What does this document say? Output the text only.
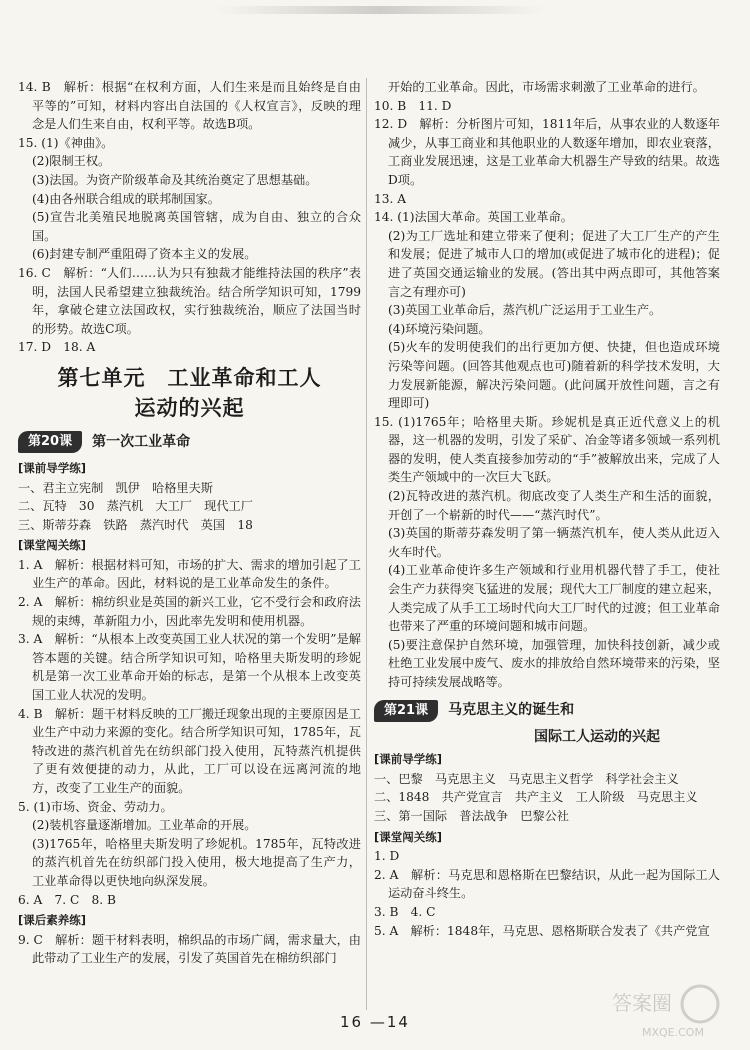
14. B　解析：根据“在权利方面，人们生来是而且始终是自由平等的”可知，材料内容出自法国的《人权宣言》，反映的理念是人们生来自由，权利平等。故选B项。

15. (1)《神曲》。

(2)限制王权。

(3)法国。为资产阶级革命及其统治奠定了思想基础。

(4)由各州联合组成的联邦制国家。

(5)宣告北美殖民地脱离英国管辖，成为自由、独立的合众国。

(6)封建专制严重阻碍了资本主义的发展。

16. C　解析：“人们……认为只有独裁才能维持法国的秩序”表明，法国人民希望建立独裁统治。结合所学知识可知，1799年，拿破仑建立法国政权，实行独裁统治，顺应了法国当时的形势。故选C项。

17. D　18. A

第七单元　工业革命和工人
运动的兴起
第20课	第一次工业革命
[课前导学练]

一、君主立宪制　凯伊　哈格里夫斯

二、瓦特　30　蒸汽机　大工厂　现代工厂

三、斯蒂芬森　铁路　蒸汽时代　英国　18

[课堂闯关练]

1. A　解析：根据材料可知，市场的扩大、需求的增加引起了工业生产的革命。因此，材料说的是工业革命发生的条件。

2. A　解析：棉纺织业是英国的新兴工业，它不受行会和政府法规的束缚，革新阻力小，因此率先发明和使用机器。

3. A　解析：“从根本上改变英国工业人状况的第一个发明”是解答本题的关键。结合所学知识可知，哈格里夫斯发明的珍妮机是第一次工业革命开始的标志，是第一个从根本上改变英国工业人状况的发明。

4. B　解析：题干材料反映的工厂搬迁现象出现的主要原因是工业生产中动力来源的变化。结合所学知识可知，1785年，瓦特改进的蒸汽机首先在纺织部门投入使用，瓦特蒸汽机提供了更有效便捷的动力，从此，工厂可以设在远离河流的地方，改变了工业生产的面貌。

5. (1)市场、资金、劳动力。

(2)装机容量逐渐增加。工业革命的开展。

(3)1765年，哈格里夫斯发明了珍妮机。1785年，瓦特改进的蒸汽机首先在纺织部门投入使用，极大地提高了生产力，工业革命得以更快地向纵深发展。

6. A　7. C　8. B

[课后素养练]

9. C　解析：题干材料表明，棉织品的市场广阔，需求量大，由此带动了工业生产的发展，引发了英国首先在棉纺织部门

开始的工业革命。因此，市场需求刺激了工业革命的进行。

10. B　11. D

12. D　解析：分析图片可知，1811年后，从事农业的人数逐年减少，从事工商业和其他职业的人数逐年增加，即农业衰落，工商业发展迅速，这是工业革命大机器生产导致的结果。故选D项。

13. A

14. (1)法国大革命。英国工业革命。

(2)为工厂选址和建立带来了便利；促进了大工厂生产的产生和发展；促进了城市人口的增加(或促进了城市化的进程)；促进了英国交通运输业的发展。(答出其中两点即可，其他答案言之有理亦可)

(3)英国工业革命后，蒸汽机广泛运用于工业生产。

(4)环境污染问题。

(5)火车的发明使我们的出行更加方便、快捷，但也造成环境污染等问题。(回答其他观点也可)随着新的科学技术发明，大力发展新能源，解决污染问题。(此问属开放性问题，言之有理即可)

15. (1)1765年；哈格里夫斯。珍妮机是真正近代意义上的机器，这一机器的发明，引发了采矿、冶金等诸多领域一系列机器的发明，使人类直接参加劳动的“手”被解放出来，完成了人类生产领域中的一次巨大飞跃。

(2)瓦特改进的蒸汽机。彻底改变了人类生产和生活的面貌，开创了一个崭新的时代——“蒸汽时代”。

(3)英国的斯蒂芬森发明了第一辆蒸汽机车，使人类从此迈入火车时代。

(4)工业革命使许多生产领域和行业用机器代替了手工，使社会生产力获得突飞猛进的发展；现代大工厂制度的建立起来，人类完成了从手工工场时代向大工厂时代的过渡；但工业革命也带来了严重的环境问题和城市问题。

(5)要注意保护自然环境，加强管理，加快科技创新，减少或杜绝工业发展中废气、废水的排放给自然环境带来的污染，坚持可持续发展战略等。

第21课	马克思主义的诞生和
国际工人运动的兴起
[课前导学练]

一、巴黎　马克思主义　马克思主义哲学　科学社会主义

二、1848　共产党宣言　共产主义　工人阶级　马克思主义

三、第一国际　普法战争　巴黎公社

[课堂闯关练]

1. D

2. A　解析：马克思和恩格斯在巴黎结识，从此一起为国际工人运动奋斗终生。

3. B　4. C

5. A　解析：1848年，马克思、恩格斯联合发表了《共产党宣

16 —14
答案圈
MXQE.COM
